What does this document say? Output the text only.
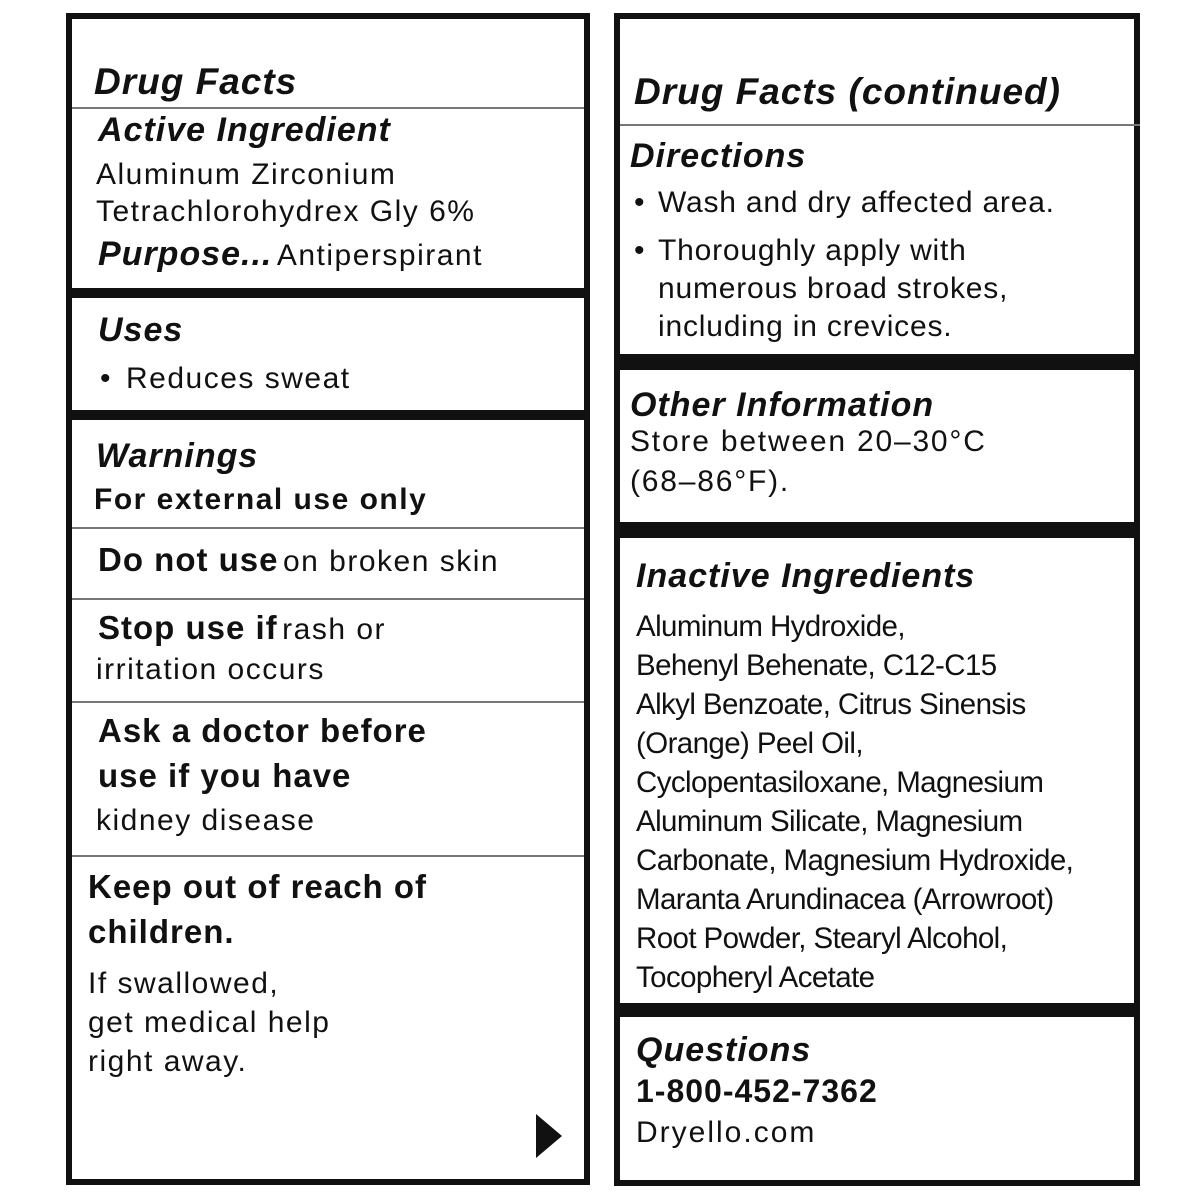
Drug Facts
Active Ingredient
Aluminum Zirconium
Tetrachlorohydrex Gly 6%
Purpose... Antiperspirant
Uses
• Reduces sweat
Warnings
For external use only
Do not use on broken skin
Stop use if rash or
irritation occurs
Ask a doctor before
use if you have
kidney disease
Keep out of reach of
children.
If swallowed,
get medical help
right away.
Drug Facts (continued)
Directions
• Wash and dry affected area.
• Thoroughly apply with
numerous broad strokes,
including in crevices.
Other Information
Store between 20–30°C
(68–86°F).
Inactive Ingredients
Aluminum Hydroxide,
Behenyl Behenate, C12-C15
Alkyl Benzoate, Citrus Sinensis
(Orange) Peel Oil,
Cyclopentasiloxane, Magnesium
Aluminum Silicate, Magnesium
Carbonate, Magnesium Hydroxide,
Maranta Arundinacea (Arrowroot)
Root Powder, Stearyl Alcohol,
Tocopheryl Acetate
Questions
1-800-452-7362
Dryello.com
